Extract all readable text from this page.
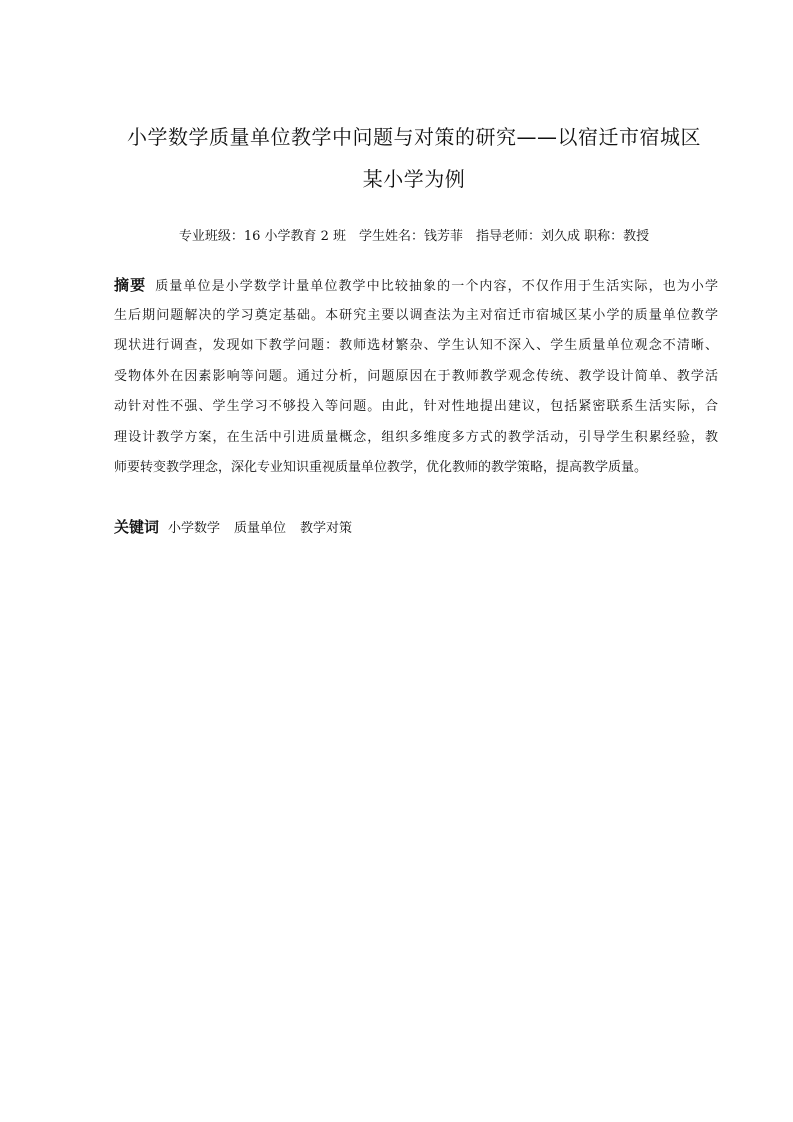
小学数学质量单位教学中问题与对策的研究——以宿迁市宿城区
某小学为例
专业班级：16 小学教育 2 班　学生姓名：钱芳菲　指导老师：刘久成 职称：教授
摘要 质量单位是小学数学计量单位教学中比较抽象的一个内容，不仅作用于生活实际，也为小学
生后期问题解决的学习奠定基础。本研究主要以调查法为主对宿迁市宿城区某小学的质量单位教学
现状进行调查，发现如下教学问题：教师选材繁杂、学生认知不深入、学生质量单位观念不清晰、
受物体外在因素影响等问题。通过分析，问题原因在于教师教学观念传统、教学设计简单、教学活
动针对性不强、学生学习不够投入等问题。由此，针对性地提出建议，包括紧密联系生活实际，合
理设计教学方案，在生活中引进质量概念，组织多维度多方式的教学活动，引导学生积累经验，教
师要转变教学理念，深化专业知识重视质量单位教学，优化教师的教学策略，提高教学质量。
关键词 小学数学 质量单位 教学对策
